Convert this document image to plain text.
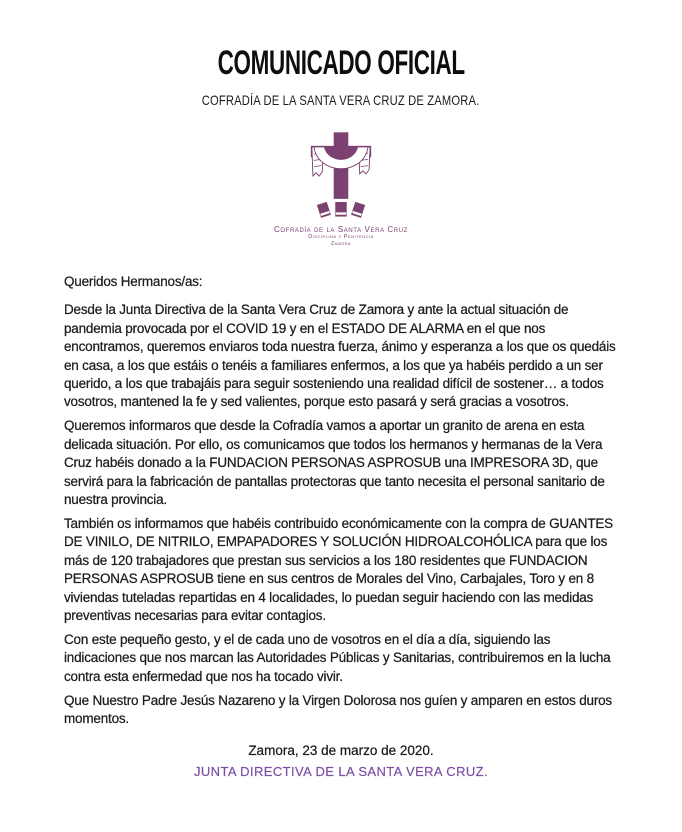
COMUNICADO OFICIAL
COFRADÍA DE LA SANTA VERA CRUZ DE ZAMORA.
Cofradía de la Santa Vera Cruz
Disciplina y Penitencia
Zamora

Queridos Hermanos/as:

Desde la Junta Directiva de la Santa Vera Cruz de Zamora y ante la actual situación de pandemia provocada por el COVID 19 y en el ESTADO DE ALARMA en el que nos encontramos, queremos enviaros toda nuestra fuerza, ánimo y esperanza a los que os quedáis en casa, a los que estáis o tenéis a familiares enfermos, a los que ya habéis perdido a un ser querido, a los que trabajáis para seguir sosteniendo una realidad difícil de sostener… a todos vosotros, mantened la fe y sed valientes, porque esto pasará y será gracias a vosotros.

Queremos informaros que desde la Cofradía vamos a aportar un granito de arena en esta delicada situación. Por ello, os comunicamos que todos los hermanos y hermanas de la Vera Cruz habéis donado a la FUNDACION PERSONAS ASPROSUB una IMPRESORA 3D, que servirá para la fabricación de pantallas protectoras que tanto necesita el personal sanitario de nuestra provincia.

También os informamos que habéis contribuido económicamente con la compra de GUANTES DE VINILO, DE NITRILO, EMPAPADORES Y SOLUCIÓN HIDROALCOHÓLICA para que los más de 120 trabajadores que prestan sus servicios a los 180 residentes que FUNDACION PERSONAS ASPROSUB tiene en sus centros de Morales del Vino, Carbajales, Toro y en 8 viviendas tuteladas repartidas en 4 localidades, lo puedan seguir haciendo con las medidas preventivas necesarias para evitar contagios.

Con este pequeño gesto, y el de cada uno de vosotros en el día a día, siguiendo las indicaciones que nos marcan las Autoridades Públicas y Sanitarias, contribuiremos en la lucha contra esta enfermedad que nos ha tocado vivir.

Que Nuestro Padre Jesús Nazareno y la Virgen Dolorosa nos guíen y amparen en estos duros momentos.

Zamora, 23 de marzo de 2020.
JUNTA DIRECTIVA DE LA SANTA VERA CRUZ.
